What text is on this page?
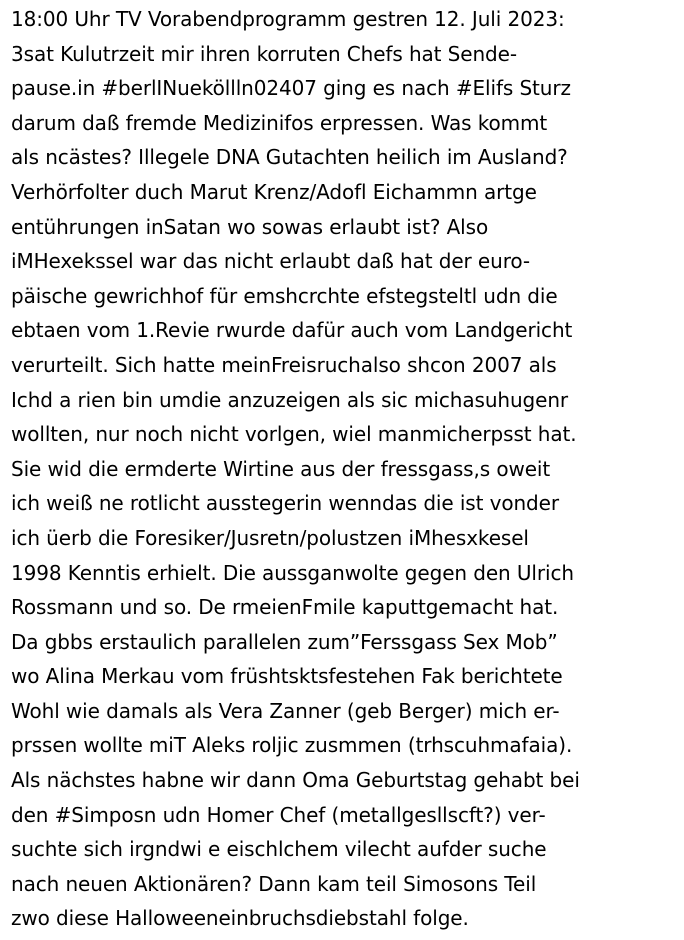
18:00 Uhr TV Vorabendprogramm gestren 12. Juli 2023:
3sat Kulutrzeit mir ihren korruten Chefs hat Sende-
pause.in #berlINueköllln02407 ging es nach #Elifs Sturz
darum daß fremde Medizinifos erpressen. Was kommt
als ncästes? Illegele DNA Gutachten heilich im Ausland?
Verhörfolter duch Marut Krenz/Adofl Eichammn artge
entührungen inSatan wo sowas erlaubt ist? Also
iMHexekssel war das nicht erlaubt daß hat der euro-
päische gewrichhof für emshcrchte efstegsteltl udn die
ebtaen vom 1.Revie rwurde dafür auch vom Landgericht
verurteilt. Sich hatte meinFreisruchalso shcon 2007 als
Ichd a rien bin umdie anzuzeigen als sic michasuhugenr
wollten, nur noch nicht vorlgen, wiel manmicherpsst hat.
Sie wid die ermderte Wirtine aus der fressgass,s oweit
ich weiß ne rotlicht ausstegerin wenndas die ist vonder
ich üerb die Foresiker/Jusretn/polustzen iMhesxkesel
1998 Kenntis erhielt. Die aussganwolte gegen den Ulrich
Rossmann und so. De rmeienFmile kaputtgemacht hat.
Da gbbs erstaulich parallelen zum”Ferssgass Sex Mob”
wo Alina Merkau vom früshtsktsfestehen Fak berichtete
Wohl wie damals als Vera Zanner (geb Berger) mich er-
prssen wollte miT Aleks roljic zusmmen (trhscuhmafaia).
Als nächstes habne wir dann Oma Geburtstag gehabt bei
den #Simposn udn Homer Chef (metallgesllscft?) ver-
suchte sich irgndwi e eischlchem vilecht aufder suche
nach neuen Aktionären? Dann kam teil Simosons Teil
zwo diese Halloweeneinbruchsdiebstahl folge.
